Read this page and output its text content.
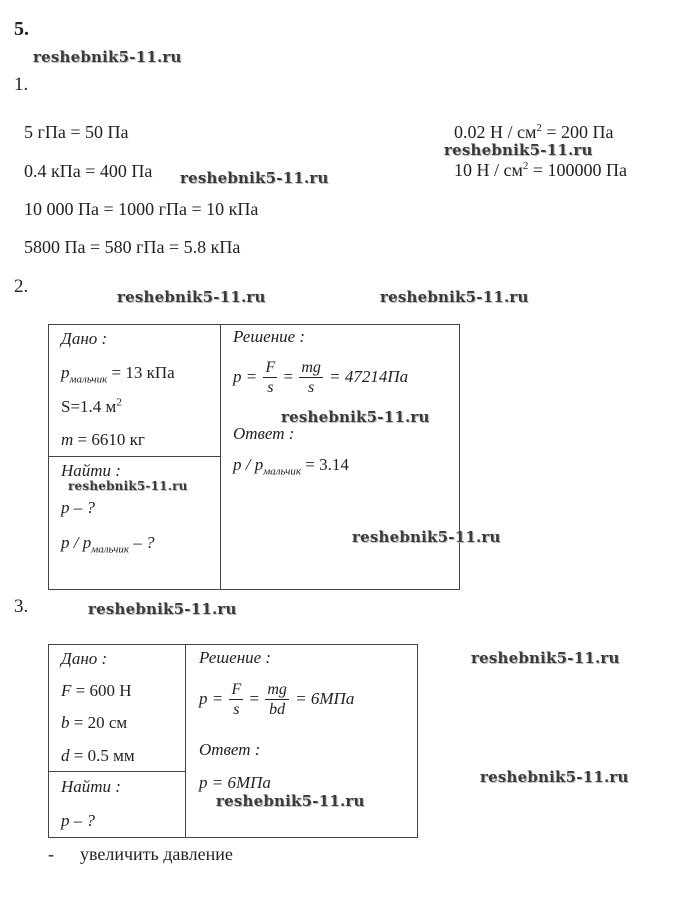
5.
reshebnik5-11.ru
1.
5 гПа = 50 Па
0.4 кПа = 400 Па reshebnik5-11.ru
10 000 Па = 1000 гПа = 10 кПа
5800 Па = 580 гПа = 5.8 кПа
0.02 $Н / см^2 = 200$ Па
reshebnik5-11.ru
10 $Н / см^2 = 100000$ Па
2.	reshebnik5-11.ru	reshebnik5-11.ru
Дано :
$p_{мальчик} = 13$ кПа
S=1.4 $м^2$
m = 6610 кг
Найти :
reshebnik5-11.ru
p – ?
p / $p_{мальчик}$ – ?
Решение :
$p = \frac{F}{s} = \frac{mg}{s} = 47214Па$
reshebnik5-11.ru
Ответ :
$p / p_{мальчик} = 3.14$
reshebnik5-11.ru
3.	reshebnik5-11.ru
reshebnik5-11.ru
reshebnik5-11.ru
Дано :
F = 600 Н
b = 20 см
d = 0.5 мм
Найти :
p – ?
Решение :
$p = \frac{F}{s} = \frac{mg}{bd} = 6МПа$
Ответ :
p = 6МПа
reshebnik5-11.ru
- увеличить давление
